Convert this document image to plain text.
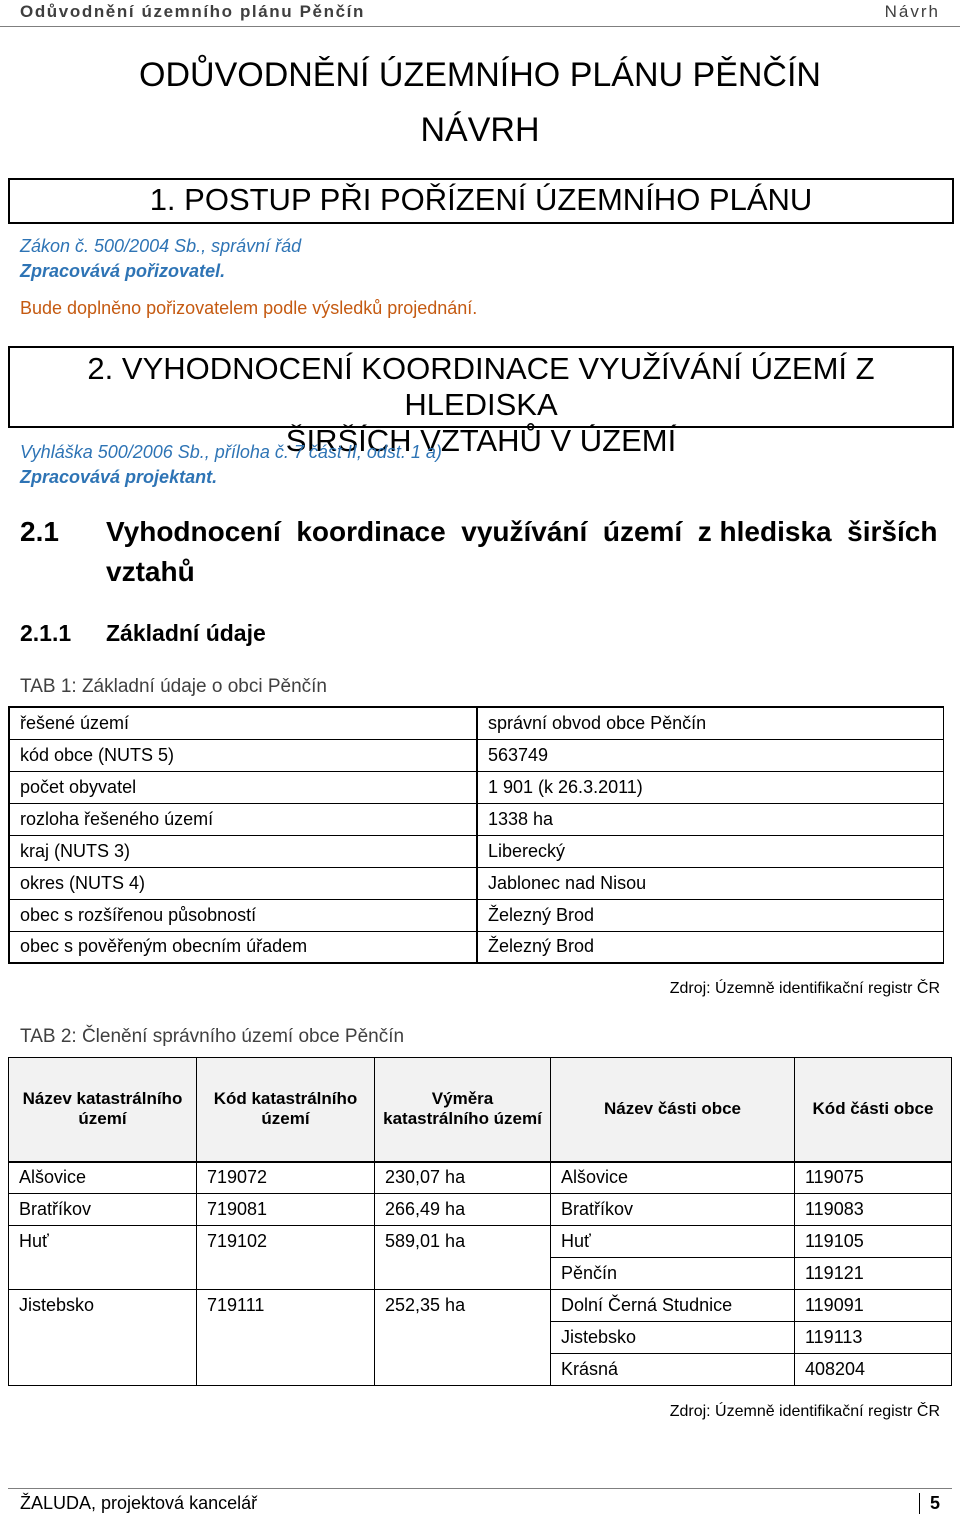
Odůvodnění územního plánu Pěnčín	Návrh
ODŮVODNĚNÍ ÚZEMNÍHO PLÁNU PĚNČÍN
NÁVRH
1. POSTUP PŘI POŘÍZENÍ ÚZEMNÍHO PLÁNU
Zákon č. 500/2004 Sb., správní řád
Zpracovává pořizovatel.
Bude doplněno pořizovatelem podle výsledků projednání.
2. VYHODNOCENÍ KOORDINACE VYUŽÍVÁNÍ ÚZEMÍ Z HLEDISKA
ŠIRŠÍCH VZTAHŮ V ÚZEMÍ
Vyhláška 500/2006 Sb., příloha č. 7 část II, odst. 1 a)
Zpracovává projektant.
2.1 Vyhodnocení  koordinace  využívání  území  z hlediska  širších
vztahů
2.1.1 Základní údaje
TAB 1: Základní údaje o obci Pěnčín
řešené území	správní obvod obce Pěnčín
kód obce (NUTS 5)	563749
počet obyvatel	1 901 (k 26.3.2011)
rozloha řešeného území	1338 ha
kraj (NUTS 3)	Liberecký
okres (NUTS 4)	Jablonec nad Nisou
obec s rozšířenou působností	Železný Brod
obec s pověřeným obecním úřadem	Železný Brod
Zdroj: Územně identifikační registr ČR
TAB 2: Členění správního území obce Pěnčín
Název katastrálního území	Kód katastrálního území	Výměra katastrálního území	Název části obce	Kód části obce
Alšovice	719072	230,07 ha	Alšovice	119075
Bratříkov	719081	266,49 ha	Bratříkov	119083
Huť	719102	589,01 ha	Huť	119105
			Pěnčín	119121
Jistebsko	719111	252,35 ha	Dolní Černá Studnice	119091
			Jistebsko	119113
			Krásná	408204
Zdroj: Územně identifikační registr ČR
ŽALUDA, projektová kancelář	5
